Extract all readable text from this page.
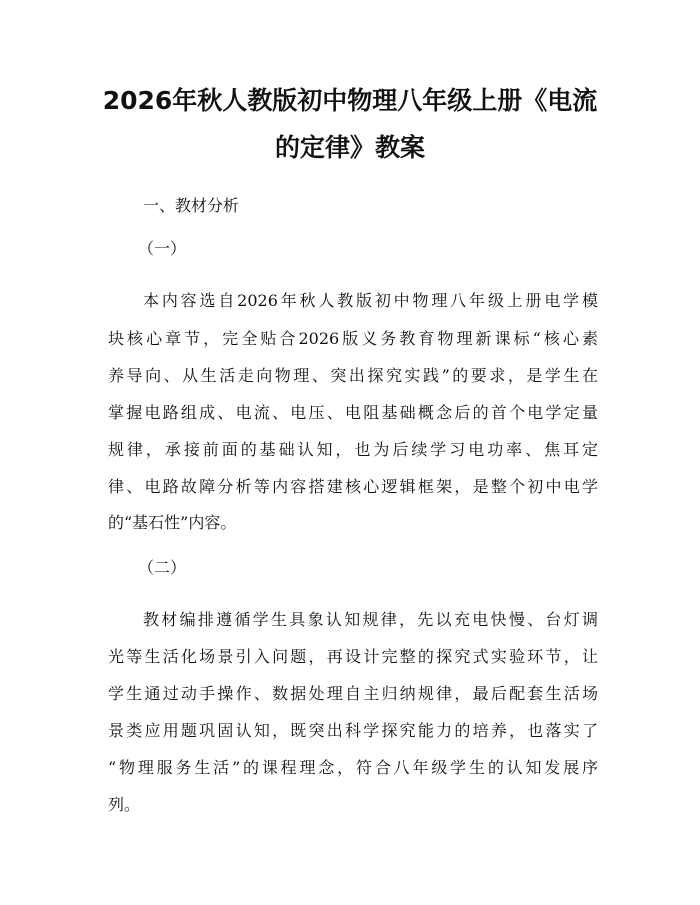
2026年秋人教版初中物理八年级上册《电流
的定律》教案

一、教材分析

（一）

本内容选自2026年秋人教版初中物理八年级上册电学模

块核心章节，完全贴合2026版义务教育物理新课标“核心素

养导向、从生活走向物理、突出探究实践”的要求，是学生在

掌握电路组成、电流、电压、电阻基础概念后的首个电学定量

规律，承接前面的基础认知，也为后续学习电功率、焦耳定

律、电路故障分析等内容搭建核心逻辑框架，是整个初中电学

的“基石性”内容。

（二）

教材编排遵循学生具象认知规律，先以充电快慢、台灯调

光等生活化场景引入问题，再设计完整的探究式实验环节，让

学生通过动手操作、数据处理自主归纳规律，最后配套生活场

景类应用题巩固认知，既突出科学探究能力的培养，也落实了

“物理服务生活”的课程理念，符合八年级学生的认知发展序

列。
